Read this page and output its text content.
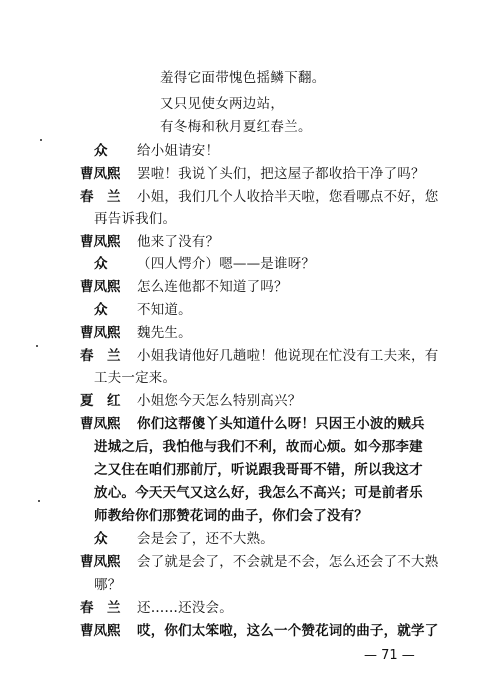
羞得它面带愧色摇鳞下翻。
又只见使女两边站，
有冬梅和秋月夏红春兰。
众 给小姐请安！
曹凤熙 罢啦！我说丫头们，把这屋子都收拾干净了吗？
春　兰 小姐，我们几个人收拾半天啦，您看哪点不好，您
再告诉我们。
曹凤熙 他来了没有？
众 （四人愕介）嗯——是谁呀？
曹凤熙 怎么连他都不知道了吗？
众 不知道。
曹凤熙 魏先生。
春　兰 小姐我请他好几趟啦！他说现在忙没有工夫来，有
工夫一定来。
夏　红 小姐您今天怎么特别高兴？
曹凤熙 你们这帮傻丫头知道什么呀！只因王小波的贼兵
进城之后，我怕他与我们不利，故而心烦。如今那李建
之又住在咱们那前厅，听说跟我哥哥不错，所以我这才
放心。今天天气又这么好，我怎么不高兴；可是前者乐
师教给你们那赞花词的曲子，你们会了没有？
众 会是会了，还不大熟。
曹凤熙 会了就是会了，不会就是不会，怎么还会了不大熟
哪？
春　兰 还……还没会。
曹凤熙 哎，你们太笨啦，这么一个赞花词的曲子，就学了
— 71 —
